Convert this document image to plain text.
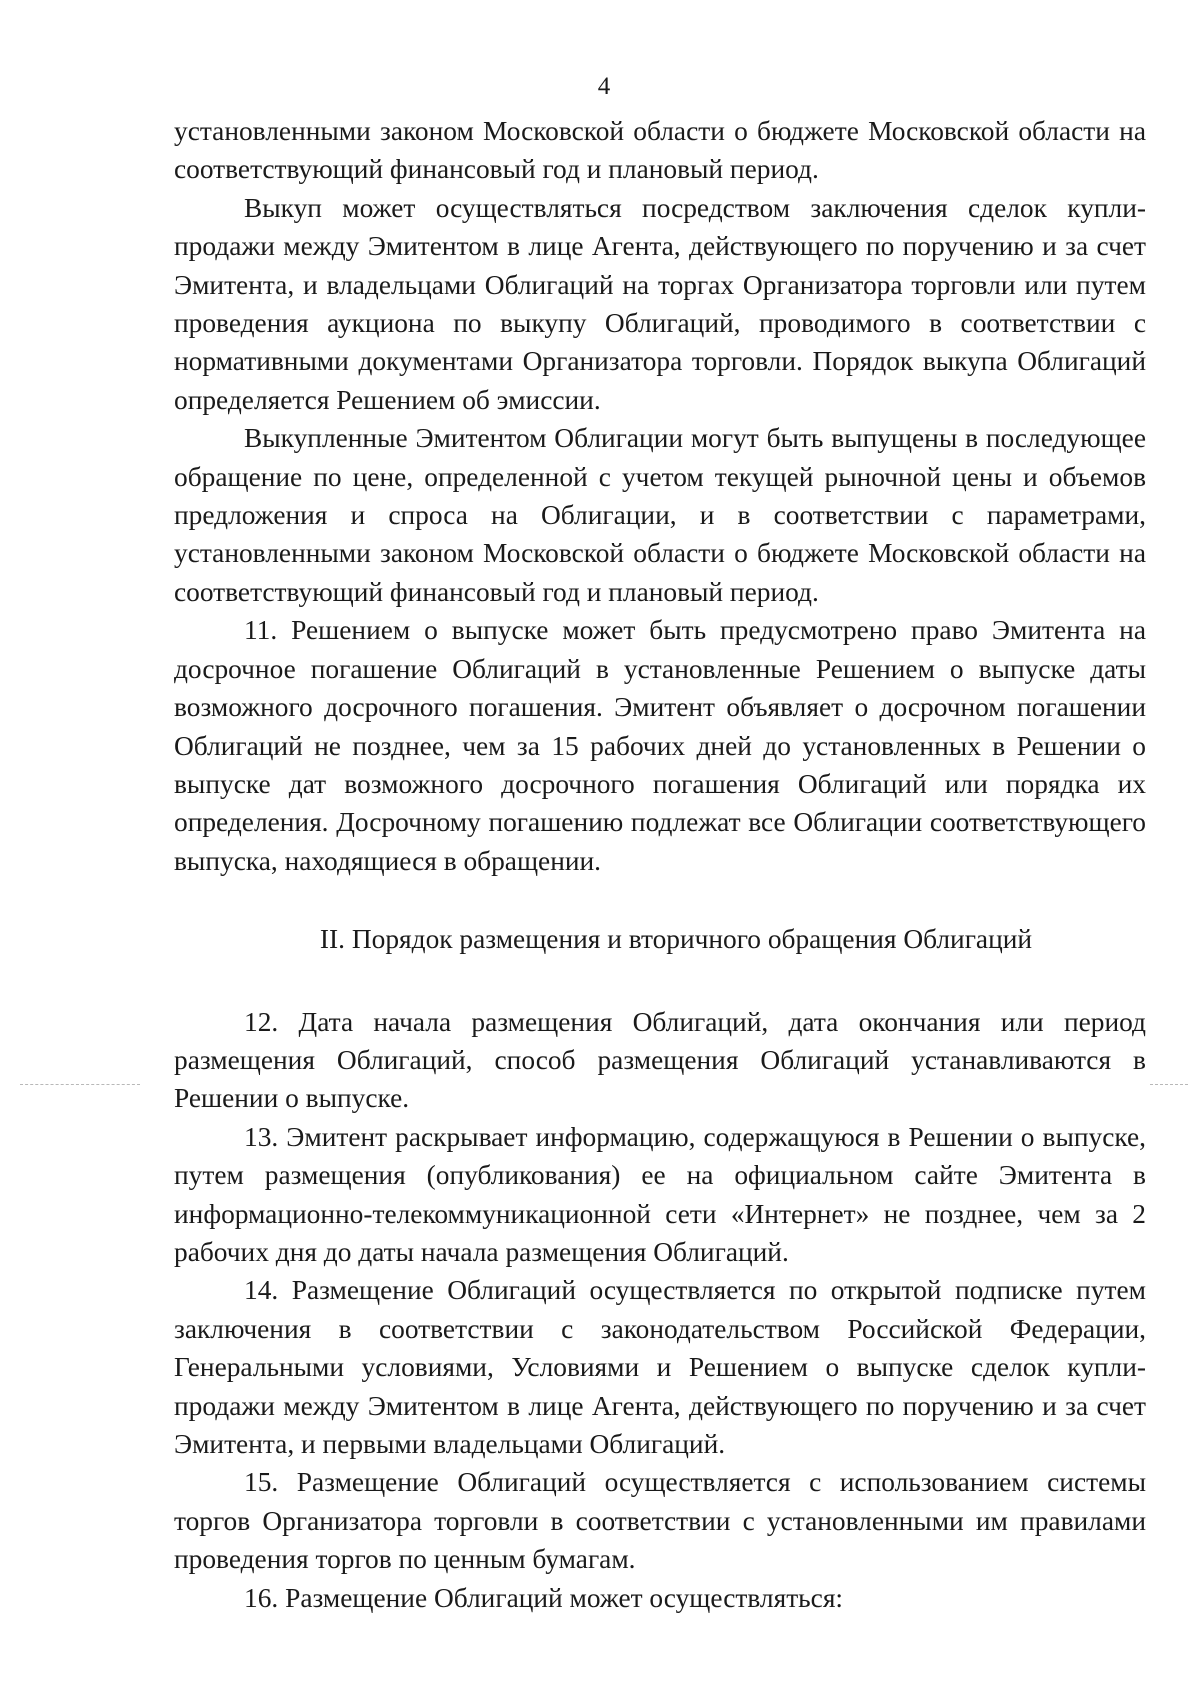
4

установленными законом Московской области о бюджете Московской области на соответствующий финансовый год и плановый период.

Выкуп может осуществляться посредством заключения сделок купли-продажи между Эмитентом в лице Агента, действующего по поручению и за счет Эмитента, и владельцами Облигаций на торгах Организатора торговли или путем проведения аукциона по выкупу Облигаций, проводимого в соответствии с нормативными документами Организатора торговли. Порядок выкупа Облигаций определяется Решением об эмиссии.

Выкупленные Эмитентом Облигации могут быть выпущены в последующее обращение по цене, определенной с учетом текущей рыночной цены и объемов предложения и спроса на Облигации, и в соответствии с параметрами, установленными законом Московской области о бюджете Московской области на соответствующий финансовый год и плановый период.

11. Решением о выпуске может быть предусмотрено право Эмитента на досрочное погашение Облигаций в установленные Решением о выпуске даты возможного досрочного погашения. Эмитент объявляет о досрочном погашении Облигаций не позднее, чем за 15 рабочих дней до установленных в Решении о выпуске дат возможного досрочного погашения Облигаций или порядка их определения. Досрочному погашению подлежат все Облигации соответствующего выпуска, находящиеся в обращении.

II. Порядок размещения и вторичного обращения Облигаций

12. Дата начала размещения Облигаций, дата окончания или период размещения Облигаций, способ размещения Облигаций устанавливаются в Решении о выпуске.

13. Эмитент раскрывает информацию, содержащуюся в Решении о выпуске, путем размещения (опубликования) ее на официальном сайте Эмитента в информационно-телекоммуникационной сети «Интернет» не позднее, чем за 2 рабочих дня до даты начала размещения Облигаций.

14. Размещение Облигаций осуществляется по открытой подписке путем заключения в соответствии с законодательством Российской Федерации, Генеральными условиями, Условиями и Решением о выпуске сделок купли-продажи между Эмитентом в лице Агента, действующего по поручению и за счет Эмитента, и первыми владельцами Облигаций.

15. Размещение Облигаций осуществляется с использованием системы торгов Организатора торговли в соответствии с установленными им правилами проведения торгов по ценным бумагам.

16. Размещение Облигаций может осуществляться:
